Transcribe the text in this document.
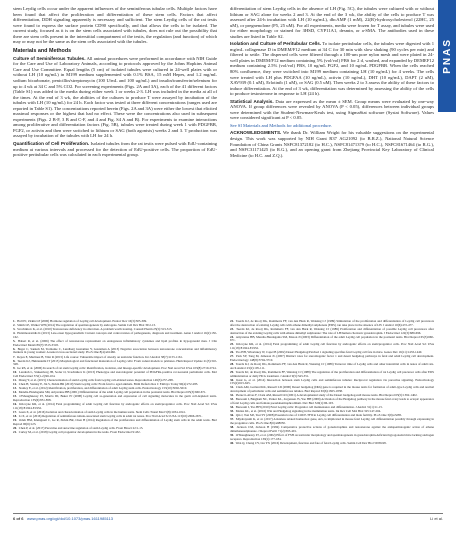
PNAS

stem Leydig cells occur under the apparent influences of the seminiferous tubular cells. Multiple factors have been found that affect the proliferation and differentiation of these stem cells. Factors that affect differentiation, DDH signaling apparently is necessary and sufficient. The stem Leydig cells of the rat testis were found to express the surface protein CD90 specifically, and that allows the cells to be isolated. The current study, focused as it is on the stem cells associated with tubules, does not rule out the possibility that there are stem cells present in the interstitial compartment of the testis, the regulation (and function) of which may or may not be the same as the stem cells associated with the tubules.

Materials and Methods

Culture of Seminiferous Tubules. All animal procedures were performed in accordance with NIH Guide for the Care and Use of Laboratory Animals, according to protocols approved by the Johns Hopkins Animal Care and Use Committee. Equal lengths (5 cm) of isolated tubules were cultured in 24-well plates with or without LH (10 ng/mL) in M199 medium supplemented with 0.1% BSA, 15 mM Hepes, and 1.2 mg/mL sodium bicarbonate, penicillin/streptomycin (100 U/mL and 100 ug/mL) and insulin/transferrin/selenium for up to 4 wk at 34 C and 5% CO2. For screening experiments (Figs. 2A and 3A), each of the 41 different factors (Table S1) was added to the media during either week 1 or weeks 2-3. LH was included in the media at all of the times. At the end of 3 wk, the abilities of the cultures to produce T were assayed by incubation of the tubules with LH (10 ng/mL) for 24 h. Each factor was tested at three different concentrations (ranges used are reported in Table S1). The concentrations reported herein (Figs. 2A and 3A) were either the lowest that elicited maximal responses or the highest that had no effect. These were the concentrations also used in subsequent experiments (Figs. 2 B-F, 3 B and C-F, and 4 and Fig. S4 A and B). For experiments to examine interactions among proliferative and differentiation factors (Fig. 5B), tubules were treated during week 1 with PDGFBB, FGF2, or activin and then were switched to lithium or SAG (both agonists) weeks 2 and 3. T production was assayed by incubation of the tubules with LH for 24 h.

Quantification of Cell Proliferation. Isolated tubules from the rat testis were pulsed with EdU-containing medium at various intervals and processed for the detection of EdU-positive cells. The proportion of EdU-positive peritubular cells was calculated in each experimental group.

differentiation of stem Leydig cells in the absence of LH (Fig. 5C), the tubules were cultured with or without lithium or SAG alone for weeks 2 and 3. At the end of the 3 wk, the ability of the cells to produce T was assessed after 24-h incubation with LH (10 ng/mL), dbcAMP (1 mM), 22(R)-hydroxycholesterol (22HC, 25 uM), or pregnenolone (P5, 25 uM). For all experiments, media were frozen for T assay, and tubules were used for either morphology or stained for 3HSD, CYP11A1, desmin, or a-SMA. The antibodies used in these studies are listed in Table S2.

Isolation and Culture of Peritubular Cells. To isolate peritubular cells, the tubules were digested with 1 mg/mL collagenase D in DMEM/F12 medium at 34 C for 30 min with slow shaking (90 cycles per min) and filtered to settle. The dispersed cells were filtered through a 100-um pore nylon mesh and were plated in 24-well plates in DMEM/F12 medium containing 5% (vol/vol) FBS for 2 d, washed, and expanded by DEMEF12 medium containing 2.5% (vol/vol) FBS, 10 ng/mL FGF2, and 10 ng/mL PDGFBB. When the cells reached 80% confluence, they were switched into M199 medium containing LH (10 ng/mL) for 4 weeks. The cells were treated with LH plus PDGFAA (10 ng/mL), activin (10 ng/mL), DHT (10 ng/mL), DAPT (2 uM), XAV939 (0.1 uM), Erlotinib (1 uM), or SAG (0.5 uM). Then weeks 2 to 3 assess the ability of these factors to induce differentiation. At the end of 3 wk, differentiation was determined by assessing the ability of the cells to produce testosterone in response to LH (24 h).

Statistical Analysis. Data are expressed as the mean ± SEM. Group means were evaluated by one-way ANOVA. If group differences were revealed by ANOVA (P < 0.05), differences between individual groups were determined with the Student-Newman-Keuls test, using SigmaStat software (Systat Software). Values were considered significant at P < 0.05.

See SI Materials and Methods for additional procedure.

ACKNOWLEDGMENTS. We thank Dr. William Wright for his valuable suggestions on the experimental design. This work was supported by NIH Grant R37 AG21092 (to B.R.Z.), National Natural Science Foundation of China Grants NSFC81372182 (to H.C.), NSFC81471379 (to H.C.), NSFC81671464 (to R.G.), and NSFC31171425 (to R.G.), and an opening grant from Zhejiang Provincial Key Laboratory of Clinical Medicine (to H.C. and Z.Q.).

1. Hall PJ, Zirkin LP (2000) Hormone regulation of Leydig cell development. Endocr Rev 16(3):305-309.

2. Smith LE, Walker WH (2014) The regulation of spermatogenesis by androgens. Semin Cell Dev Biol 30:2-13.

3. Svechnikov K, et al. (2010) Testosterone deficiency in older men. A problem worth treating. Consult Pharm 25(5):313-315.

4. Hatzimouratidis K (2013) Late-onset hypogonadism: Current concepts and controversies of pathogenesis, diagnosis and treatment. Asian J Androl 16(2):150-162.

5. Habert R, et al. (2006) The effect of testosterone replacement on endogenous inflammatory cytokines and lipid profiles in hypogonadal men. J Clin Endocrinol Metab 89(7):3313-3318.

6. Beger C, Sankoh M, Tremaine C, Lundberg Gustaman Y, Gustaman A (2013) Negative association between testosterone concentration and inflammatory markers in young women: A nested cross-sectional study. PLoS One 8(4):e61466.

7. Reyes E, Martinez B, Vilar R (2015) Life course: Vulnerable impact of obesity on testicular function. Int J Androl 38(7):1155-1161.

8. Teerds KJ, Huhtaniemi IT (2015) Morphological and functional maturation of Leydig cells: From rodent models to primates. Hum Reprod Update 21(3):310-328.

9. Ge RS, et al. (2006) In search of rat stem Leydig cells: Identification, isolation, and lineage-specific development. Proc Natl Acad Sci USA 103(8):2719-2724.

10. Landreh L, Stukenborg JB, Soder O, Svechnikov K (2013) Phenotype and steroidogenic potential of PDGFRa-positive rat neonatal peritubular cells. Mol Cell Endocrinol 372(1-2):96-104.

11. Zhang Y, et al. (2015) Characterization of stem Leydig cells from Leydig cell-ablated testes. Reproduction 149(3):257-268.

12. Chen H, Stanley E, Jin S, Zirkin BR (2010) Stem Leydig cells: From fetal to aged animals. Birth Defects Res C Embryo Today 90(4):272-283.

13. Stanley E, et al. (2012) Identification, proliferation, and differentiation of adult Leydig stem cells. Endocrinology 153(10):5002-5010.

14. Mendis-Handagama SM, Ariyaratne HB (2001) Differentiation of the adult Leydig cell population in the postnatal testis. Biol Reprod 65(3):660-671.

15. O'Shaughnessy PJ, Morris ID, Baker PJ (2008) Leydig cell re-generation and expression of cell signaling molecules in the germ cell-depleted testis. Reproduction 135(6):851-858.

16. Kilcoyne KR, et al. (2014) Fetal programming of adult Leydig cell function by androgenic effects on stem/progenitor cells. Proc Natl Acad Sci USA 111(18):E1924-E1932.

17. Guan X, et al. (2016) Isolation and characterization of stem Leydig cells in the human testis. Stem Cells Transl Med 5(8):1034-1041.

18. Li X, et al. (2016) Regulation of seminiferous tubule-associated stem Leydig cells in adult rat testes. Proc Natl Acad Sci USA 113(10):2666-2671.

19. Odeh HM, Kleinguetl C, Ge R, Zirkin BR, Chen H (2014) Regulation of the proliferation and differentiation of Leydig stem cells in the adult testis. Biol Reprod 90(6):123.

20. Chen P, et al. (2017) Paracrine and autocrine regulation of stem Leydig cells. Front Biosci 22:1-15.

21. Curley M, et al. (2018) Leydig cell progenitor development in the testis. Front Endocrinol 9:432.

22. Teerds KJ, de Rooij DG, Rommerts FF, van den Hurk R, Wensing CJ (1989) Stimulation of the proliferation and differentiation of Leydig cell precursors after the destruction of existing Leydig cells with ethane dimethyl sulphonate (EDS) can take place in the absence of LH. J Androl 10(6):472-477.

23. Teerds KJ, de Rooij DG, Rommerts FF, van den Hurk R, Wensing CJ (1989) Proliferation and differentiation of possible Leydig cell precursors after destruction of the existing Leydig cells with ethane dimethyl sulphonate: The role of LH/human chorionic gonadotrophin. J Endocrinol 122(3):689-696.

24. Ariyaratne HB, Mendis-Handagama SM, Mason JI (2003) Differentiation of the adult Leydig cell population in the postnatal testis. Biol Reprod 65(3):660-671.

25. Kilcoyne KR, et al. (2014) Fetal programming of adult Leydig cell function by androgenic effects on stem/progenitor cells. Proc Natl Acad Sci USA 111(18):E1924-E1932.

26. Yao HH, Whoriskey W, Capel B (2002) Desert Hedgehog/Patched 1 signaling specifies fetal Leydig cell fate in mice. Genes Dev 16(11):1433-1440.

27. Park SY, Tong M, Jameson JL (2007) Distinct roles for steroidogenic factor 1 and desert hedgehog pathways in fetal and adult Leydig cell development. Endocrinology 148(8):3704-3710.

28. Teerds KJ, de Rooij DG, Rommerts FF, van den Hurk R, Wensing CJ (1989) Turnover time of Leydig cells and other interstitial cells in testes of adult rats. Arch Androl 23(2):105-111.

29. Teerds KJ, de Rooij DG, Rommerts FF, Wensing CJ (1988) The regulation of the proliferation and differentiation of rat Leydig cell precursor cells after EDS administration or daily HCG treatment. J Androl 9(5):343-351.

30. Kaur G, et al. (2014) Interaction between stem Leydig cells and seminiferous tubules: Reciprocal regulation via paracrine signaling. Endocrinology 155(2):615-625.

31. Clark AM, Garland KK, Russell LD (2000) Desert hedgehog (Dhh) gene is required in the mouse testis for formation of adult-type Leydig cells and normal development of peritubular cells and seminiferous tubules. Biol Reprod 63(6):1825-1838.

32. Pierucci-Alves F, Clark AM, Russell LD (2001) A developmental study of the Desert hedgehog-null mouse testis. Biol Reprod 65(5):1392-1402.

33. Barsoum I, Bingham NC, Parker KL, Jorgensen JS, Yao HH (2009) Activation of the Hedgehog pathway in the mouse fetal ovary leads to ectopic appearance of fetal Leydig cells and female pseudohermaphroditism. Dev Biol 329(1):96-103.

34. Barsoum I, Yao HH (2010) Fetal Leydig cells: Progenitor cell maintenance and differentiation. J Androl 31(1):11-15.

35. Mattes KL, et al. (2016) Wnt and Hedgehog signaling in the mammalian testis. Int Rev Cell Mol Biol 325:147-204.

36. Qin J, Tsai MJ, Tsai SY (2008) Essential roles of COUP-TFII in Leydig cell differentiation and male fertility. PLoS One 3(9):e3285.

37. Miyabayashi K, et al. (2017) Aristaless related homeobox gene, Arx, is implicated in mouse fetal Leydig cell differentiation possibly through expressing in the progenitor cells. PLoS One 8(6):e68050.

38. Jackson CM, Jackson H (1984) Comparative protective actions of gonadotrophins and testosterone against the antispermatogenic action of ethane dimethanesulphonate. J Reprod Fertil 71(2):393-401.

39. O'Shaughnessy PJ, et al. (2002) Effect of FSH on testicular morphology and spermatogenesis in gonadotrophin-deficient hypogonadal mice lacking androgen receptors. Reproduction 139(1):177-184.

40. Wen Q, Cheng CY, Liu YX (2016) Development, function and fate of fetal Leydig cells. Semin Cell Dev Biol 59:89-98.

6 of 6 www.pnas.org/cgi/doi/10.1073/pnas.1611985113	Li et al.
